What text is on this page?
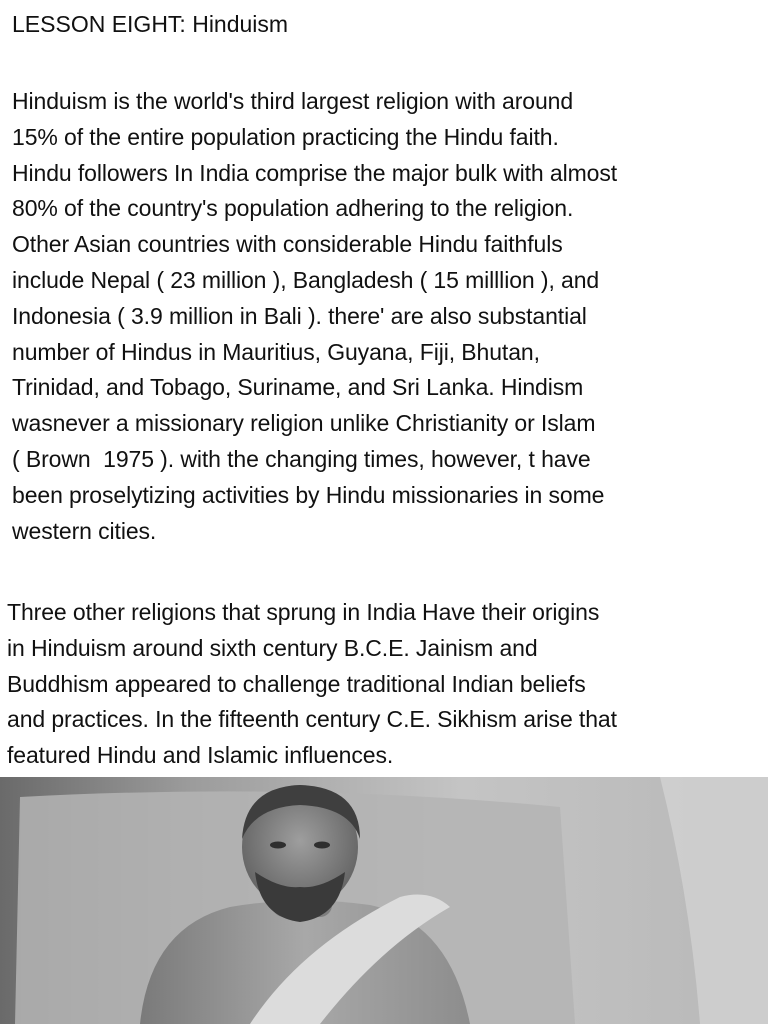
LESSON EIGHT: Hinduism
Hinduism is the world's third largest religion with around
15% of the entire population practicing the Hindu faith.
Hindu followers In India comprise the major bulk with almost
80% of the country's population adhering to the religion.
Other Asian countries with considerable Hindu faithfuls
include Nepal ( 23 million ), Bangladesh ( 15 milllion ), and
Indonesia ( 3.9 million in Bali ). there' are also substantial
number of Hindus in Mauritius, Guyana, Fiji, Bhutan,
Trinidad, and Tobago, Suriname, and Sri Lanka. Hindism
wasnever a missionary religion unlike Christianity or Islam
( Brown  1975 ). with the changing times, however, t have
been proselytizing activities by Hindu missionaries in some
western cities.
Three other religions that sprung in India Have their origins
in Hinduism around sixth century B.C.E. Jainism and
Buddhism appeared to challenge traditional Indian beliefs
and practices. In the fifteenth century C.E. Sikhism arise that
featured Hindu and Islamic influences.
